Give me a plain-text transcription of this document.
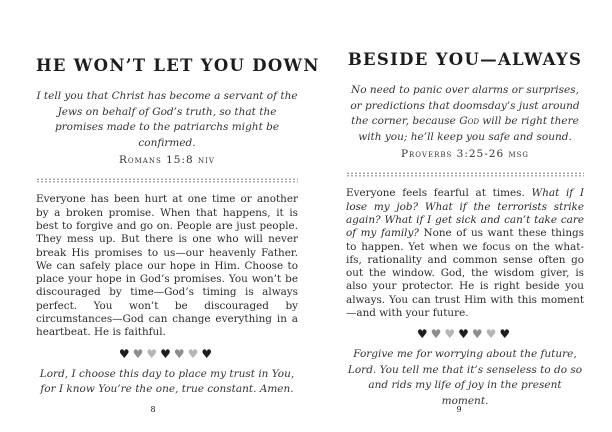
HE WON’T LET YOU DOWN

I tell you that Christ has become a servant of the Jews on behalf of God’s truth, so that the promises made to the patriarchs might be confirmed.

Romans 15:8 niv

Everyone has been hurt at one time or another by a broken promise. When that happens, it is best to forgive and go on. People are just people. They mess up. But there is one who will never break His promises to us—our heavenly Father. We can safely place our hope in Him. Choose to place your hope in God’s promises. You won’t be discouraged by time—God’s timing is always perfect. You won’t be discouraged by circumstances—God can change everything in a heartbeat. He is faithful.

♥♥♥♥♥♥♥

Lord, I choose this day to place my trust in You, for I know You’re the one, true constant. Amen.

8
BESIDE YOU—ALWAYS

No need to panic over alarms or surprises, or predictions that doomsday’s just around the corner, because God will be right there with you; he’ll keep you safe and sound.

Proverbs 3:25-26 msg

Everyone feels fearful at times. What if I lose my job? What if the terrorists strike again? What if I get sick and can’t take care of my family? None of us want these things to happen. Yet when we focus on the what-ifs, rationality and common sense often go out the window. God, the wisdom giver, is also your protector. He is right beside you always. You can trust Him with this moment—and with your future.

♥♥♥♥♥♥♥

Forgive me for worrying about the future, Lord. You tell me that it’s senseless to do so and rids my life of joy in the present moment.

9
